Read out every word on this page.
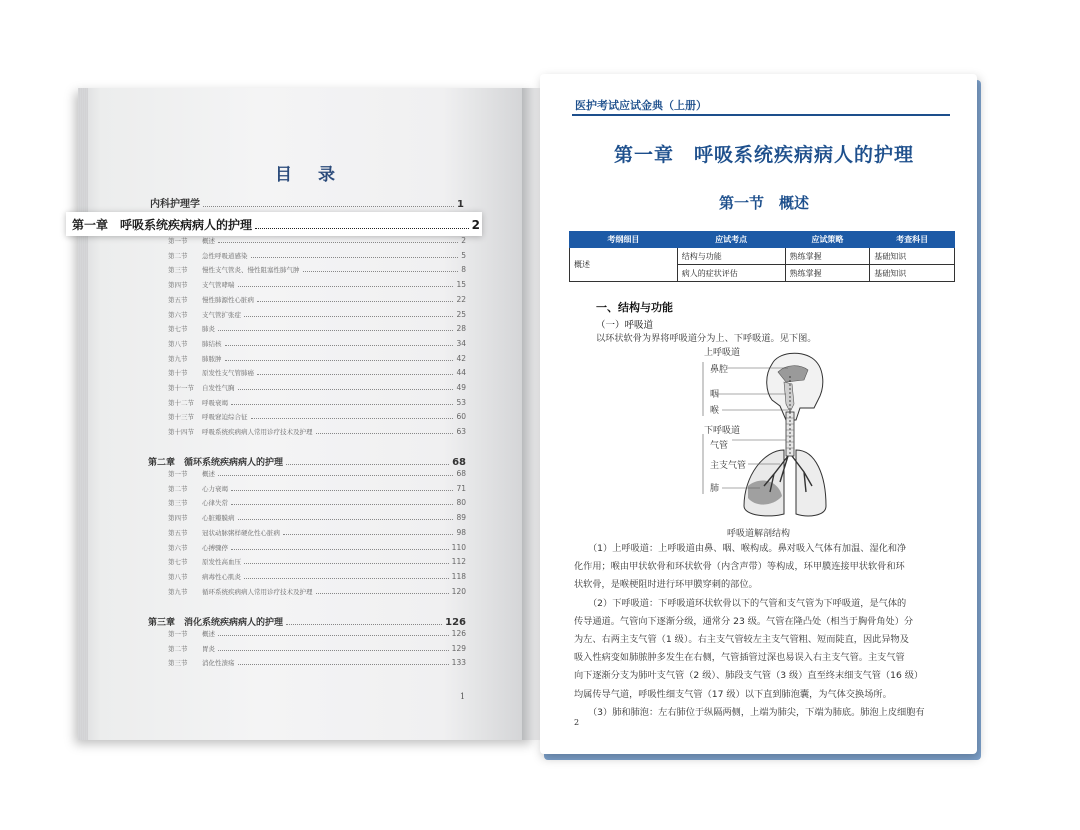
目 录
内科护理学	1
第一章　呼吸系统疾病病人的护理	2
第一节 概述	2
第二节 急性呼吸道感染	5
第三节 慢性支气管炎、慢性阻塞性肺气肿	8
第四节 支气管哮喘	15
第五节 慢性肺源性心脏病	22
第六节 支气管扩张症	25
第七节 肺炎	28
第八节 肺结核	34
第九节 肺脓肿	42
第十节 原发性支气管肺癌	44
第十一节 自发性气胸	49
第十二节 呼吸衰竭	53
第十三节 呼吸窘迫综合征	60
第十四节 呼吸系统疾病病人常用诊疗技术及护理	63
第二章　循环系统疾病病人的护理	68
第一节 概述	68
第二节 心力衰竭	71
第三节 心律失常	80
第四节 心脏瓣膜病	89
第五节 冠状动脉粥样硬化性心脏病	98
第六节 心搏骤停	110
第七节 原发性高血压	112
第八节 病毒性心肌炎	118
第九节 循环系统疾病病人常用诊疗技术及护理	120
第三章　消化系统疾病病人的护理	126
第一节 概述	126
第二节 胃炎	129
第三节 消化性溃疡	133
1
医护考试应试金典（上册）
第一章　呼吸系统疾病病人的护理
第一节　概述
考纲细目	应试考点	应试策略	考查科目
概述	结构与功能	熟练掌握	基础知识
	病人的症状评估	熟练掌握	基础知识
一、结构与功能
（一）呼吸道
以环状软骨为界将呼吸道分为上、下呼吸道。见下图。
上呼吸道
鼻腔
咽
喉
下呼吸道
气管
主支气管
肺
呼吸道解剖结构
（1）上呼吸道：上呼吸道由鼻、咽、喉构成。鼻对吸入气体有加温、湿化和净
化作用；喉由甲状软骨和环状软骨（内含声带）等构成，环甲膜连接甲状软骨和环
状软骨，是喉梗阻时进行环甲膜穿刺的部位。
（2）下呼吸道：下呼吸道环状软骨以下的气管和支气管为下呼吸道，是气体的
传导通道。气管向下逐渐分级，通常分 23 级。气管在隆凸处（相当于胸骨角处）分
为左、右两主支气管（1 级）。右主支气管较左主支气管粗、短而陡直，因此异物及
吸入性病变如肺脓肿多发生在右侧，气管插管过深也易误入右主支气管。主支气管
向下逐渐分支为肺叶支气管（2 级）、肺段支气管（3 级）直至终末细支气管（16 级）
均属传导气道，呼吸性细支气管（17 级）以下直到肺泡囊，为气体交换场所。
（3）肺和肺泡：左右肺位于纵隔两侧，上端为肺尖，下端为肺底。肺泡上皮细胞有
2
